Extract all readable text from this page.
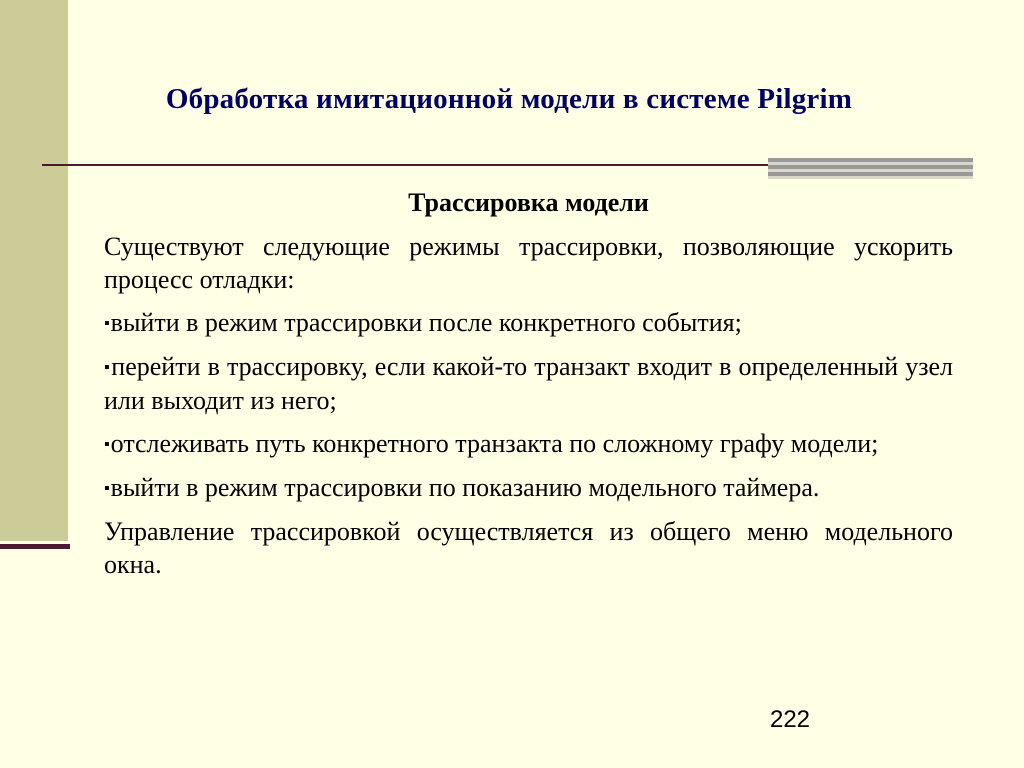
Обработка имитационной модели в системе Pilgrim
Трассировка модели
Существуют следующие режимы трассировки, позволяющие ускорить процесс отладки:
▪выйти в режим трассировки после конкретного события;
▪перейти в трассировку, если какой-то транзакт входит в определенный узел или выходит из него;
▪отслеживать путь конкретного транзакта по сложному графу модели;
▪выйти в режим трассировки по показанию модельного таймера.
Управление трассировкой осуществляется из общего меню модельного окна.
222
